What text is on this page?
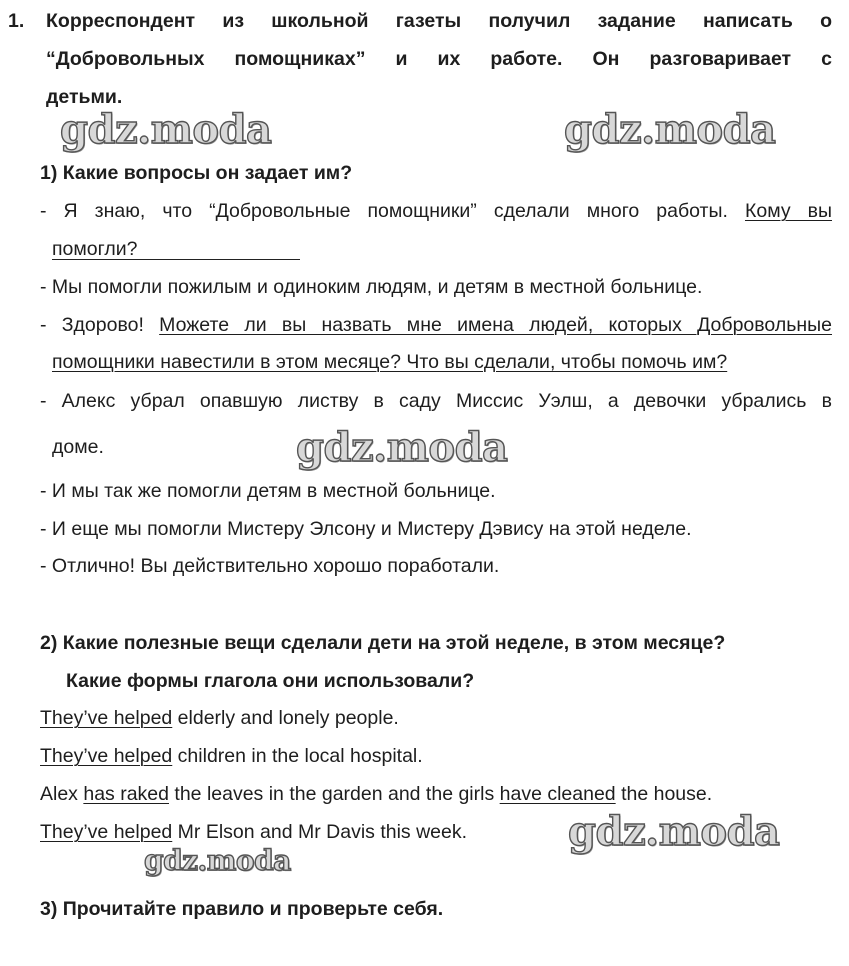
1. Корреспондент из школьной газеты получил задание написать о
“Добровольных помощниках” и их работе. Он разговаривает с
детьми.
1) Какие вопросы он задает им?
- Я знаю, что “Добровольные помощники” сделали много работы. Кому вы
помогли?
- Мы помогли пожилым и одиноким людям, и детям в местной больнице.
- Здорово! Можете ли вы назвать мне имена людей, которых Добровольные
помощники навестили в этом месяце? Что вы сделали, чтобы помочь им?
- Алекс убрал опавшую листву в саду Миссис Уэлш, а девочки убрались в
доме.
- И мы так же помогли детям в местной больнице.
- И еще мы помогли Мистеру Элсону и Мистеру Дэвису на этой неделе.
- Отлично! Вы действительно хорошо поработали.
2) Какие полезные вещи сделали дети на этой неделе, в этом месяце?
Какие формы глагола они использовали?
They’ve helped elderly and lonely people.
They’ve helped children in the local hospital.
Alex has raked the leaves in the garden and the girls have cleaned the house.
They’ve helped Mr Elson and Mr Davis this week.
3) Прочитайте правило и проверьте себя.
gdz.moda	gdz.moda
gdz.moda
gdz.moda
gdz.moda
